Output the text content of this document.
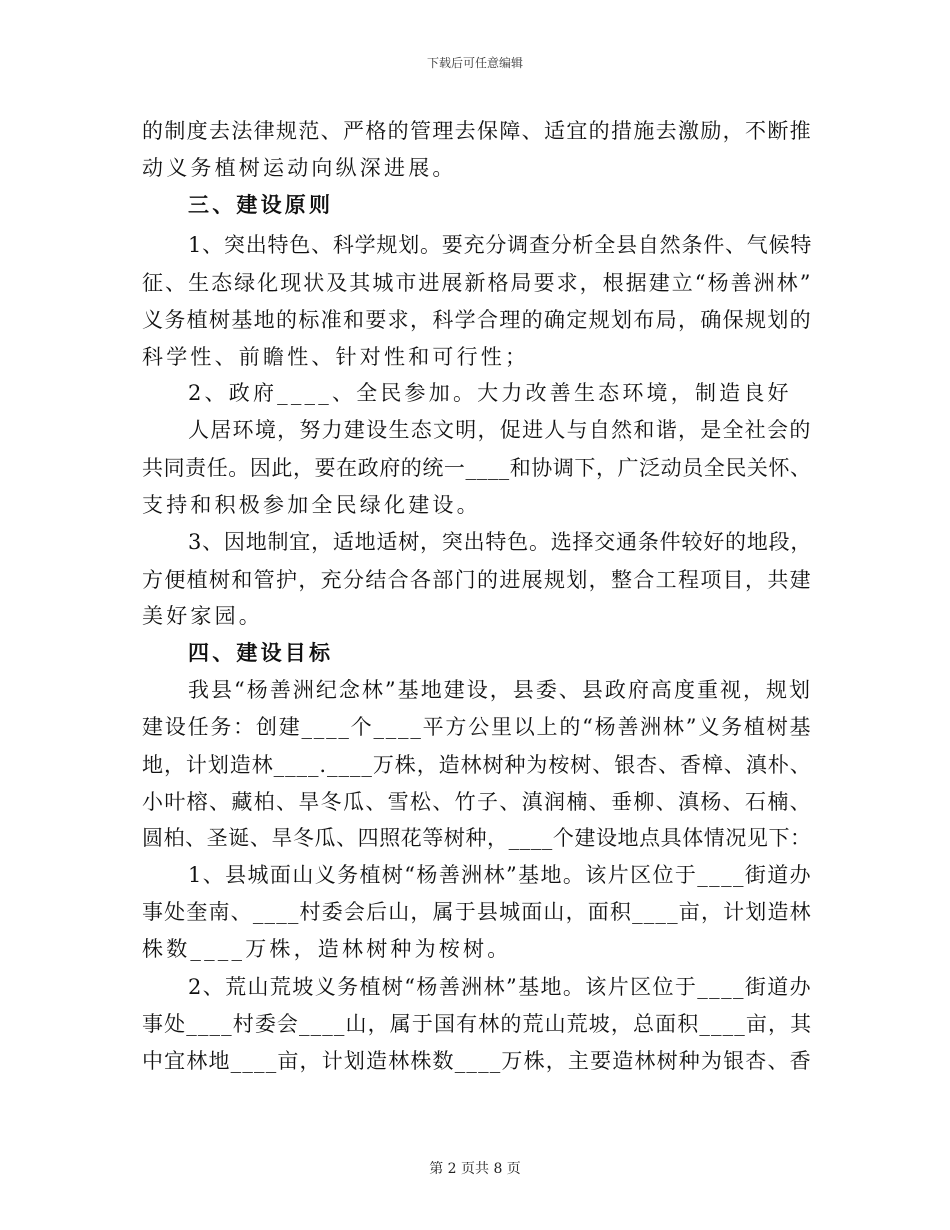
下载后可任意编辑
的制度去法律规范、严格的管理去保障、适宜的措施去激励，不断推
动义务植树运动向纵深进展。
三、建设原则
1、突出特色、科学规划。要充分调查分析全县自然条件、气候特
征、生态绿化现状及其城市进展新格局要求，根据建立“杨善洲林”
义务植树基地的标准和要求，科学合理的确定规划布局，确保规划的
科学性、前瞻性、针对性和可行性；
2、政府____、全民参加。大力改善生态环境，制造良好
人居环境，努力建设生态文明，促进人与自然和谐，是全社会的
共同责任。因此，要在政府的统一____和协调下，广泛动员全民关怀、
支持和积极参加全民绿化建设。
3、因地制宜，适地适树，突出特色。选择交通条件较好的地段，
方便植树和管护，充分结合各部门的进展规划，整合工程项目，共建
美好家园。
四、建设目标
我县“杨善洲纪念林”基地建设，县委、县政府高度重视，规划
建设任务：创建____个____平方公里以上的“杨善洲林”义务植树基
地，计划造林____.____万株，造林树种为桉树、银杏、香樟、滇朴、
小叶榕、藏柏、旱冬瓜、雪松、竹子、滇润楠、垂柳、滇杨、石楠、
圆柏、圣诞、旱冬瓜、四照花等树种，____个建设地点具体情况见下：
1、县城面山义务植树“杨善洲林”基地。该片区位于____街道办
事处奎南、____村委会后山，属于县城面山，面积____亩，计划造林
株数____万株，造林树种为桉树。
2、荒山荒坡义务植树“杨善洲林”基地。该片区位于____街道办
事处____村委会____山，属于国有林的荒山荒坡，总面积____亩，其
中宜林地____亩，计划造林株数____万株，主要造林树种为银杏、香
第 2 页共 8 页
